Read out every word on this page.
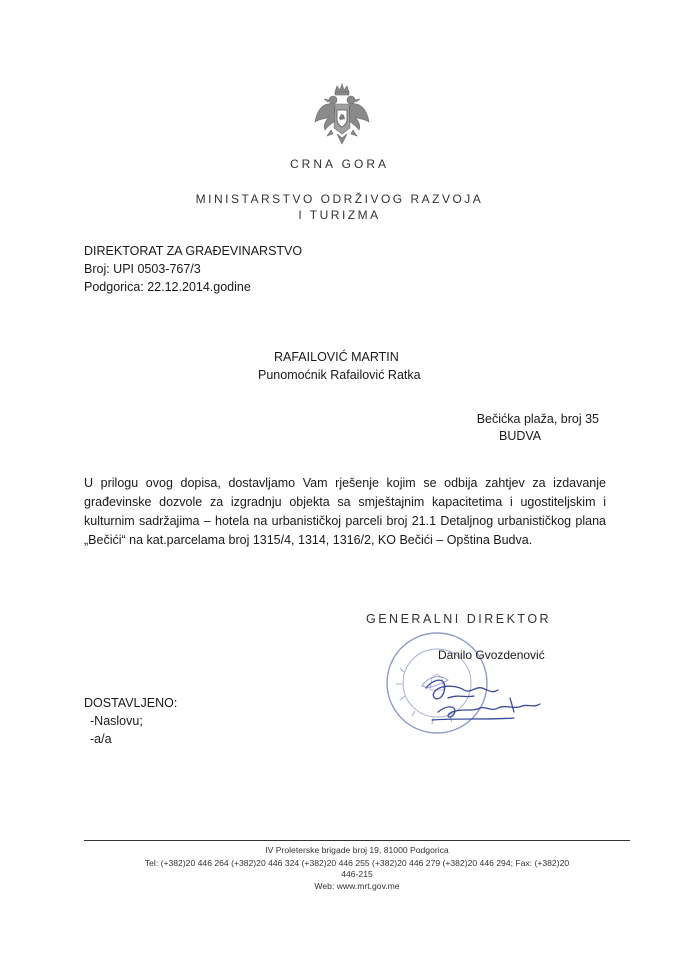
CRNA GORA
MINISTARSTVO ODRŽIVOG RAZVOJA
I TURIZMA
DIREKTORAT ZA GRAĐEVINARSTVO
Broj: UPI 0503-767/3
Podgorica: 22.12.2014.godine
RAFAILOVIĆ MARTIN
Punomoćnik Rafailović Ratka
Bečićka plaža, broj 35
BUDVA
U prilogu ovog dopisa, dostavljamo Vam rješenje kojim se odbija zahtjev za izdavanje građevinske dozvole za izgradnju objekta sa smještajnim kapacitetima i ugostiteljskim i kulturnim sadržajima – hotela na urbanističkoj parceli broj 21.1 Detaljnog urbanističkog plana „Bečići“ na kat.parcelama broj 1315/4, 1314, 1316/2, KO Bečići – Opština Budva.
GENERALNI DIREKTOR
Danilo Gvozdenović
DOSTAVLJENO:
-Naslovu;
-a/a
IV Proleterske brigade broj 19, 81000 Podgorica
Tel: (+382)20 446 264 (+382)20 446 324 (+382)20 446 255 (+382)20 446 279 (+382)20 446 294; Fax: (+382)20
446-215
Web: www.mrt.gov.me
